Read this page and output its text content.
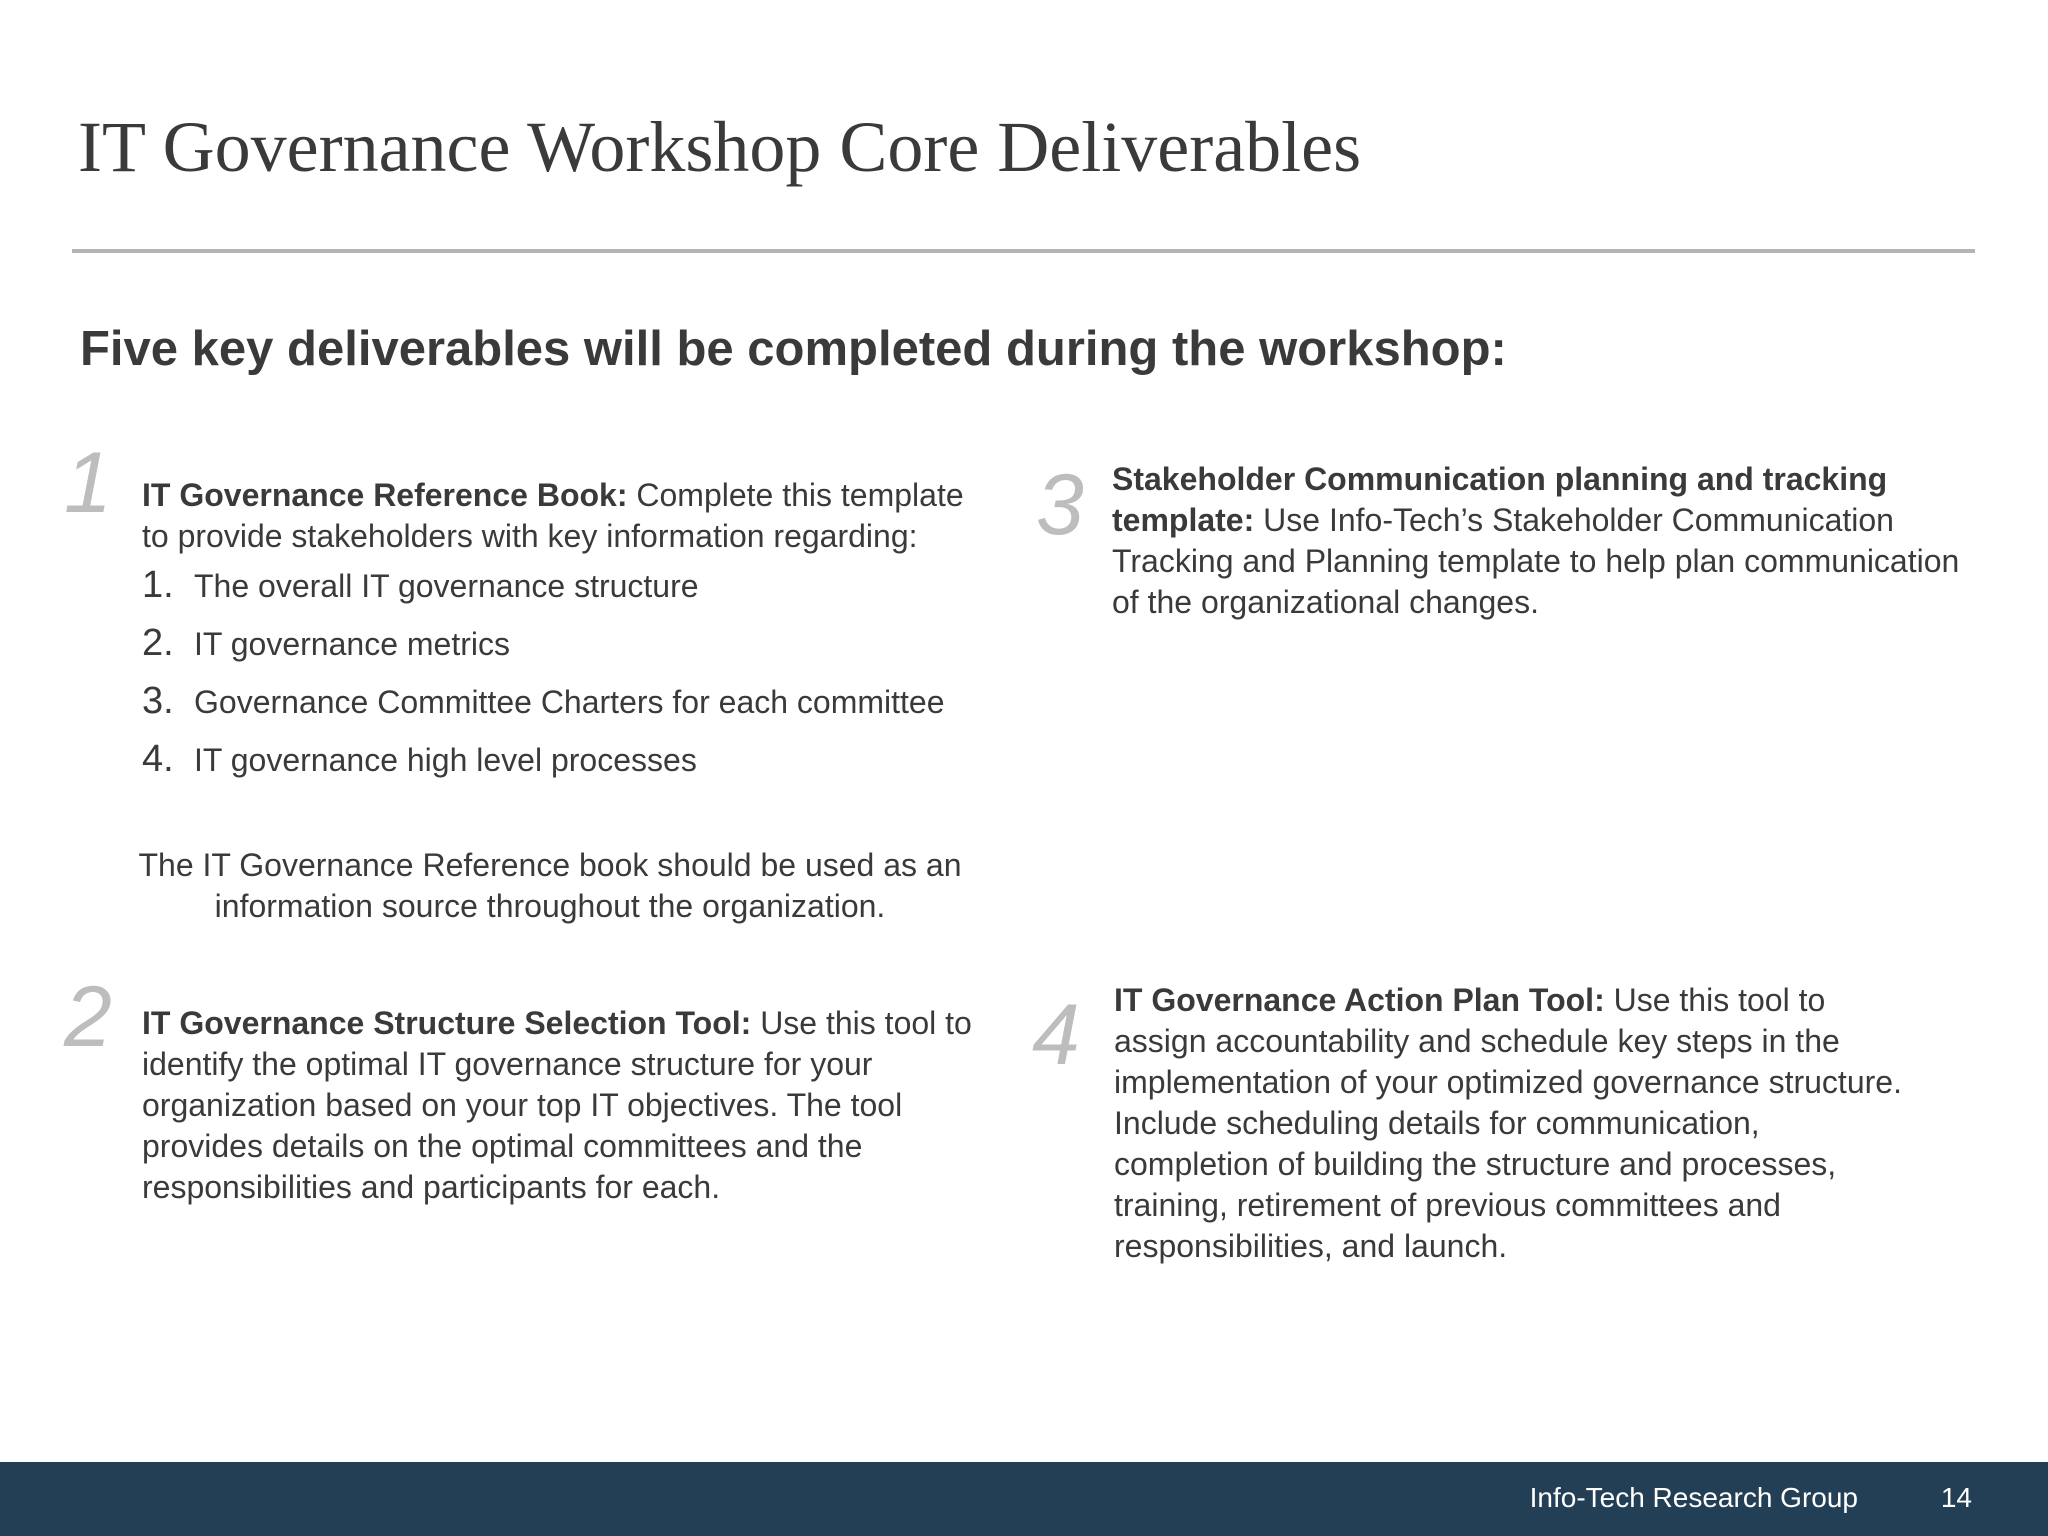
IT Governance Workshop Core Deliverables
Five key deliverables will be completed during the workshop:
1 IT Governance Reference Book: Complete this template to provide stakeholders with key information regarding:
1. The overall IT governance structure
2. IT governance metrics
3. Governance Committee Charters for each committee
4. IT governance high level processes
The IT Governance Reference book should be used as an information source throughout the organization.
2 IT Governance Structure Selection Tool: Use this tool to identify the optimal IT governance structure for your organization based on your top IT objectives. The tool provides details on the optimal committees and the responsibilities and participants for each.
3 Stakeholder Communication planning and tracking template: Use Info-Tech’s Stakeholder Communication Tracking and Planning template to help plan communication of the organizational changes.
4 IT Governance Action Plan Tool: Use this tool to assign accountability and schedule key steps in the implementation of your optimized governance structure. Include scheduling details for communication, completion of building the structure and processes, training, retirement of previous committees and responsibilities, and launch.
Info-Tech Research Group	14
